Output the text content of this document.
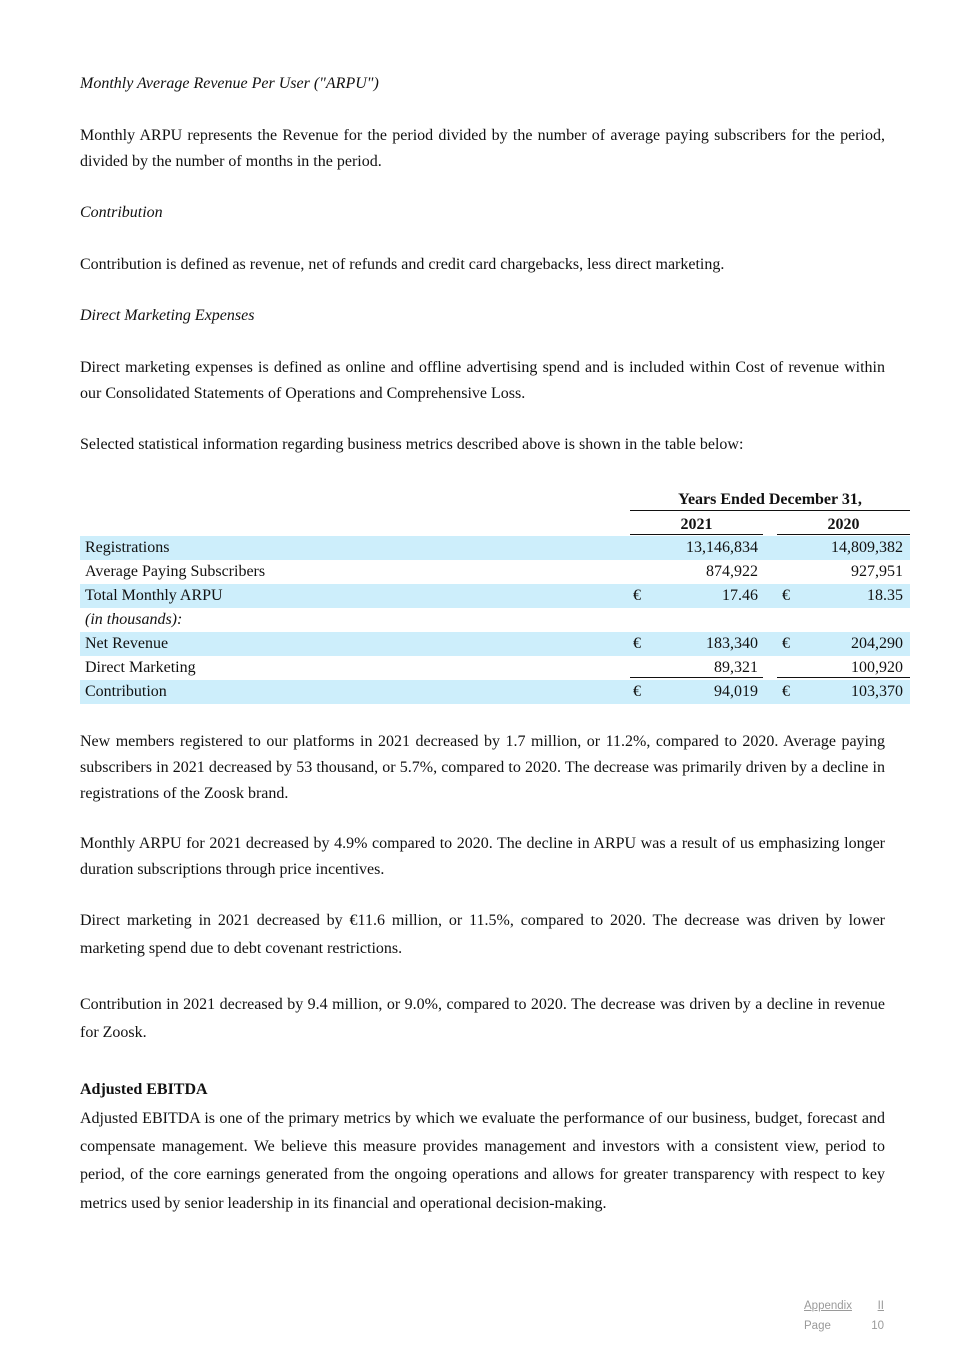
Monthly Average Revenue Per User ("ARPU")

Monthly ARPU represents the Revenue for the period divided by the number of average paying subscribers for the period, divided by the number of months in the period.

Contribution

Contribution is defined as revenue, net of refunds and credit card chargebacks, less direct marketing.

Direct Marketing Expenses

Direct marketing expenses is defined as online and offline advertising spend and is included within Cost of revenue within our Consolidated Statements of Operations and Comprehensive Loss.

Selected statistical information regarding business metrics described above is shown in the table below:

Years Ended December 31,
2021	2020
Registrations	13,146,834	14,809,382
Average Paying Subscribers	874,922	927,951
Total Monthly ARPU	€	17.46 €	18.35
(in thousands):
Net Revenue	€	183,340 €	204,290
Direct Marketing	89,321	100,920
Contribution	€	94,019 €	103,370

New members registered to our platforms in 2021 decreased by 1.7 million, or 11.2%, compared to 2020. Average paying subscribers in 2021 decreased by 53 thousand, or 5.7%, compared to 2020. The decrease was primarily driven by a decline in registrations of the Zoosk brand.

Monthly ARPU for 2021 decreased by 4.9% compared to 2020. The decline in ARPU was a result of us emphasizing longer duration subscriptions through price incentives.

Direct marketing in 2021 decreased by €11.6 million, or 11.5%, compared to 2020. The decrease was driven by lower marketing spend due to debt covenant restrictions.

Contribution in 2021 decreased by 9.4 million, or 9.0%, compared to 2020. The decrease was driven by a decline in revenue for Zoosk.

Adjusted EBITDA

Adjusted EBITDA is one of the primary metrics by which we evaluate the performance of our business, budget, forecast and compensate management. We believe this measure provides management and investors with a consistent view, period to period, of the core earnings generated from the ongoing operations and allows for greater transparency with respect to key metrics used by senior leadership in its financial and operational decision-making.

Appendix II
Page	10
